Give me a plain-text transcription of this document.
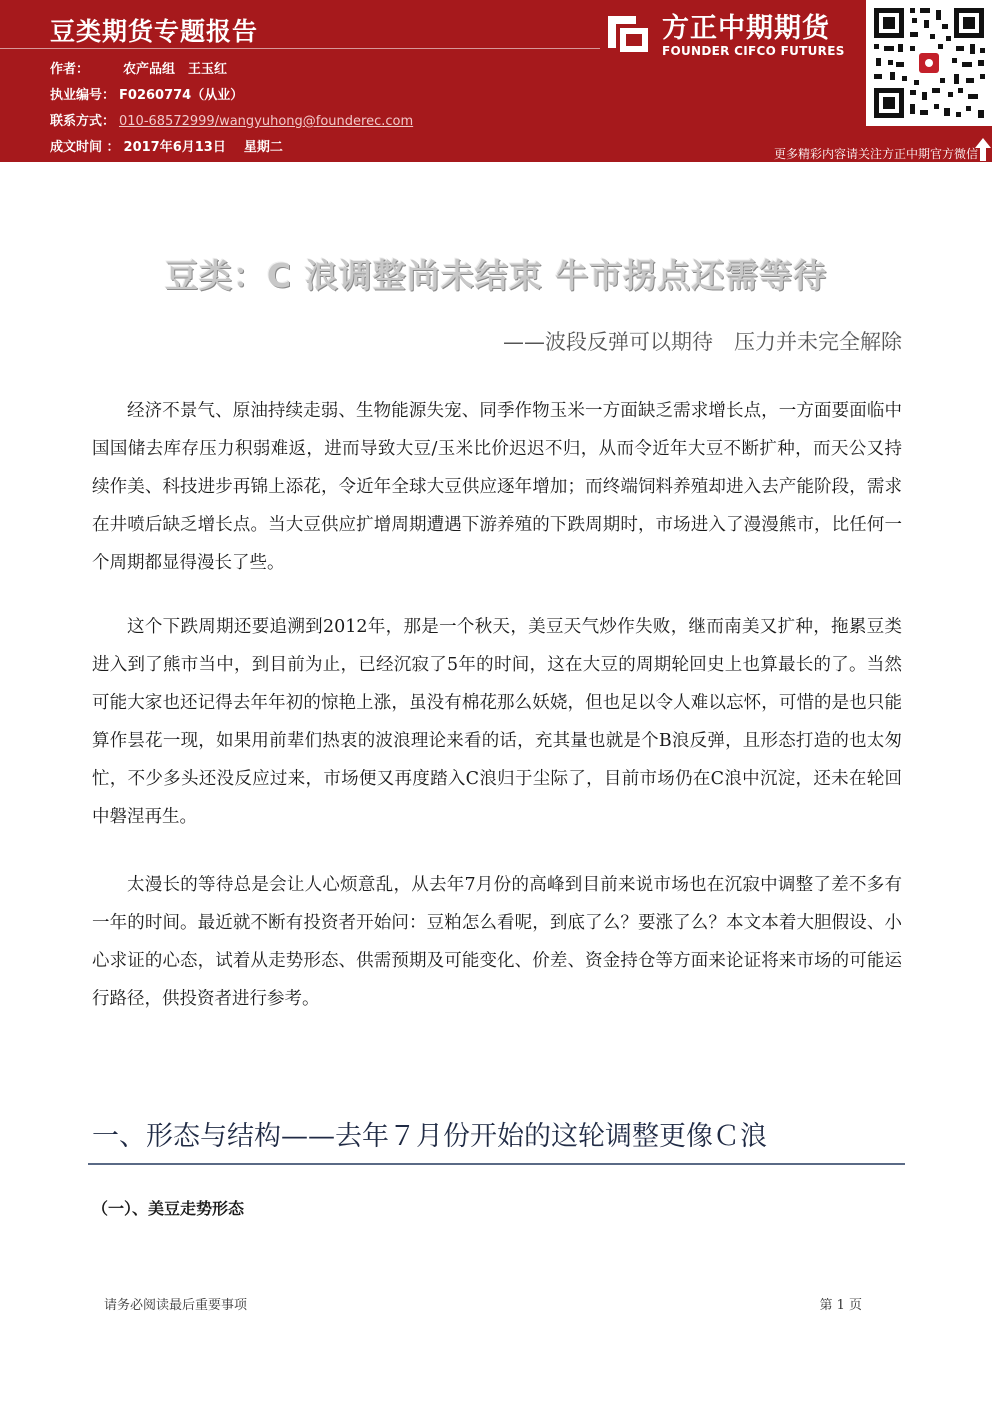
豆类期货专题报告
作者：	农产品组　王玉红
执业编号： F0260774（从业）
联系方式： 010-68572999/wangyuhong@founderec.com
成文时间 ： 2017年6月13日 星期二
方正中期期货
FOUNDER CIFCO FUTURES
更多精彩内容请关注方正中期官方微信
豆类：C 浪调整尚未结束 牛市拐点还需等待
——波段反弹可以期待　压力并未完全解除

经济不景气、原油持续走弱、生物能源失宠、同季作物玉米一方面缺乏需求增长点，一方面要面临中国国储去库存压力积弱难返，进而导致大豆/玉米比价迟迟不归，从而令近年大豆不断扩种，而天公又持续作美、科技进步再锦上添花，令近年全球大豆供应逐年增加；而终端饲料养殖却进入去产能阶段，需求在井喷后缺乏增长点。当大豆供应扩增周期遭遇下游养殖的下跌周期时，市场进入了漫漫熊市，比任何一个周期都显得漫长了些。

这个下跌周期还要追溯到2012年，那是一个秋天，美豆天气炒作失败，继而南美又扩种，拖累豆类进入到了熊市当中，到目前为止，已经沉寂了5年的时间，这在大豆的周期轮回史上也算最长的了。当然可能大家也还记得去年年初的惊艳上涨，虽没有棉花那么妖娆，但也足以令人难以忘怀，可惜的是也只能算作昙花一现，如果用前辈们热衷的波浪理论来看的话，充其量也就是个B浪反弹，且形态打造的也太匆忙，不少多头还没反应过来，市场便又再度踏入C浪归于尘际了，目前市场仍在C浪中沉淀，还未在轮回中磐涅再生。

太漫长的等待总是会让人心烦意乱，从去年7月份的高峰到目前来说市场也在沉寂中调整了差不多有一年的时间。最近就不断有投资者开始问：豆粕怎么看呢，到底了么？要涨了么？本文本着大胆假设、小心求证的心态，试着从走势形态、供需预期及可能变化、价差、资金持仓等方面来论证将来市场的可能运行路径，供投资者进行参考。

一、形态与结构——去年７月份开始的这轮调整更像Ｃ浪
（一）、美豆走势形态
请务必阅读最后重要事项	第 1 页
